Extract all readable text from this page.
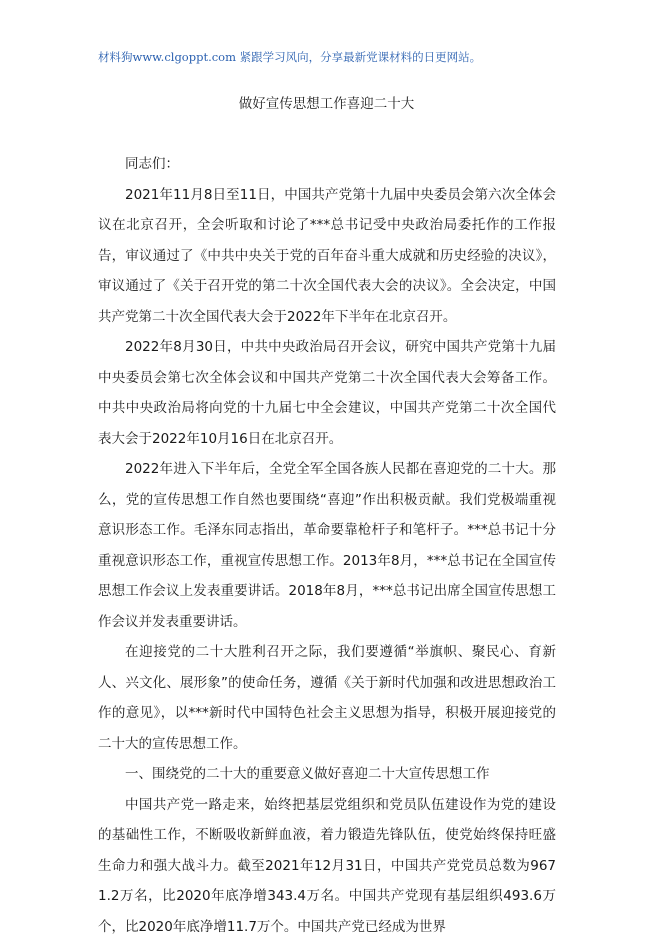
材料狗www.clgoppt.com 紧跟学习风向，分享最新党课材料的日更网站。
做好宣传思想工作喜迎二十大

同志们：

2021年11月8日至11日，中国共产党第十九届中央委员会第六次全体会议在北京召开，全会听取和讨论了***总书记受中央政治局委托作的工作报告，审议通过了《中共中央关于党的百年奋斗重大成就和历史经验的决议》，审议通过了《关于召开党的第二十次全国代表大会的决议》。全会决定，中国共产党第二十次全国代表大会于2022年下半年在北京召开。

2022年8月30日，中共中央政治局召开会议，研究中国共产党第十九届中央委员会第七次全体会议和中国共产党第二十次全国代表大会筹备工作。中共中央政治局将向党的十九届七中全会建议，中国共产党第二十次全国代表大会于2022年10月16日在北京召开。

2022年进入下半年后，全党全军全国各族人民都在喜迎党的二十大。那么，党的宣传思想工作自然也要围绕“喜迎”作出积极贡献。我们党极端重视意识形态工作。毛泽东同志指出，革命要靠枪杆子和笔杆子。***总书记十分重视意识形态工作，重视宣传思想工作。2013年8月，***总书记在全国宣传思想工作会议上发表重要讲话。2018年8月，***总书记出席全国宣传思想工作会议并发表重要讲话。

在迎接党的二十大胜利召开之际，我们要遵循“举旗帜、聚民心、育新人、兴文化、展形象”的使命任务，遵循《关于新时代加强和改进思想政治工作的意见》，以***新时代中国特色社会主义思想为指导，积极开展迎接党的二十大的宣传思想工作。

一、围绕党的二十大的重要意义做好喜迎二十大宣传思想工作

中国共产党一路走来，始终把基层党组织和党员队伍建设作为党的建设的基础性工作，不断吸收新鲜血液，着力锻造先锋队伍，使党始终保持旺盛生命力和强大战斗力。截至2021年12月31日，中国共产党党员总数为9671.2万名，比2020年底净增343.4万名。中国共产党现有基层组织493.6万个，比2020年底净增11.7万个。中国共产党已经成为世界
